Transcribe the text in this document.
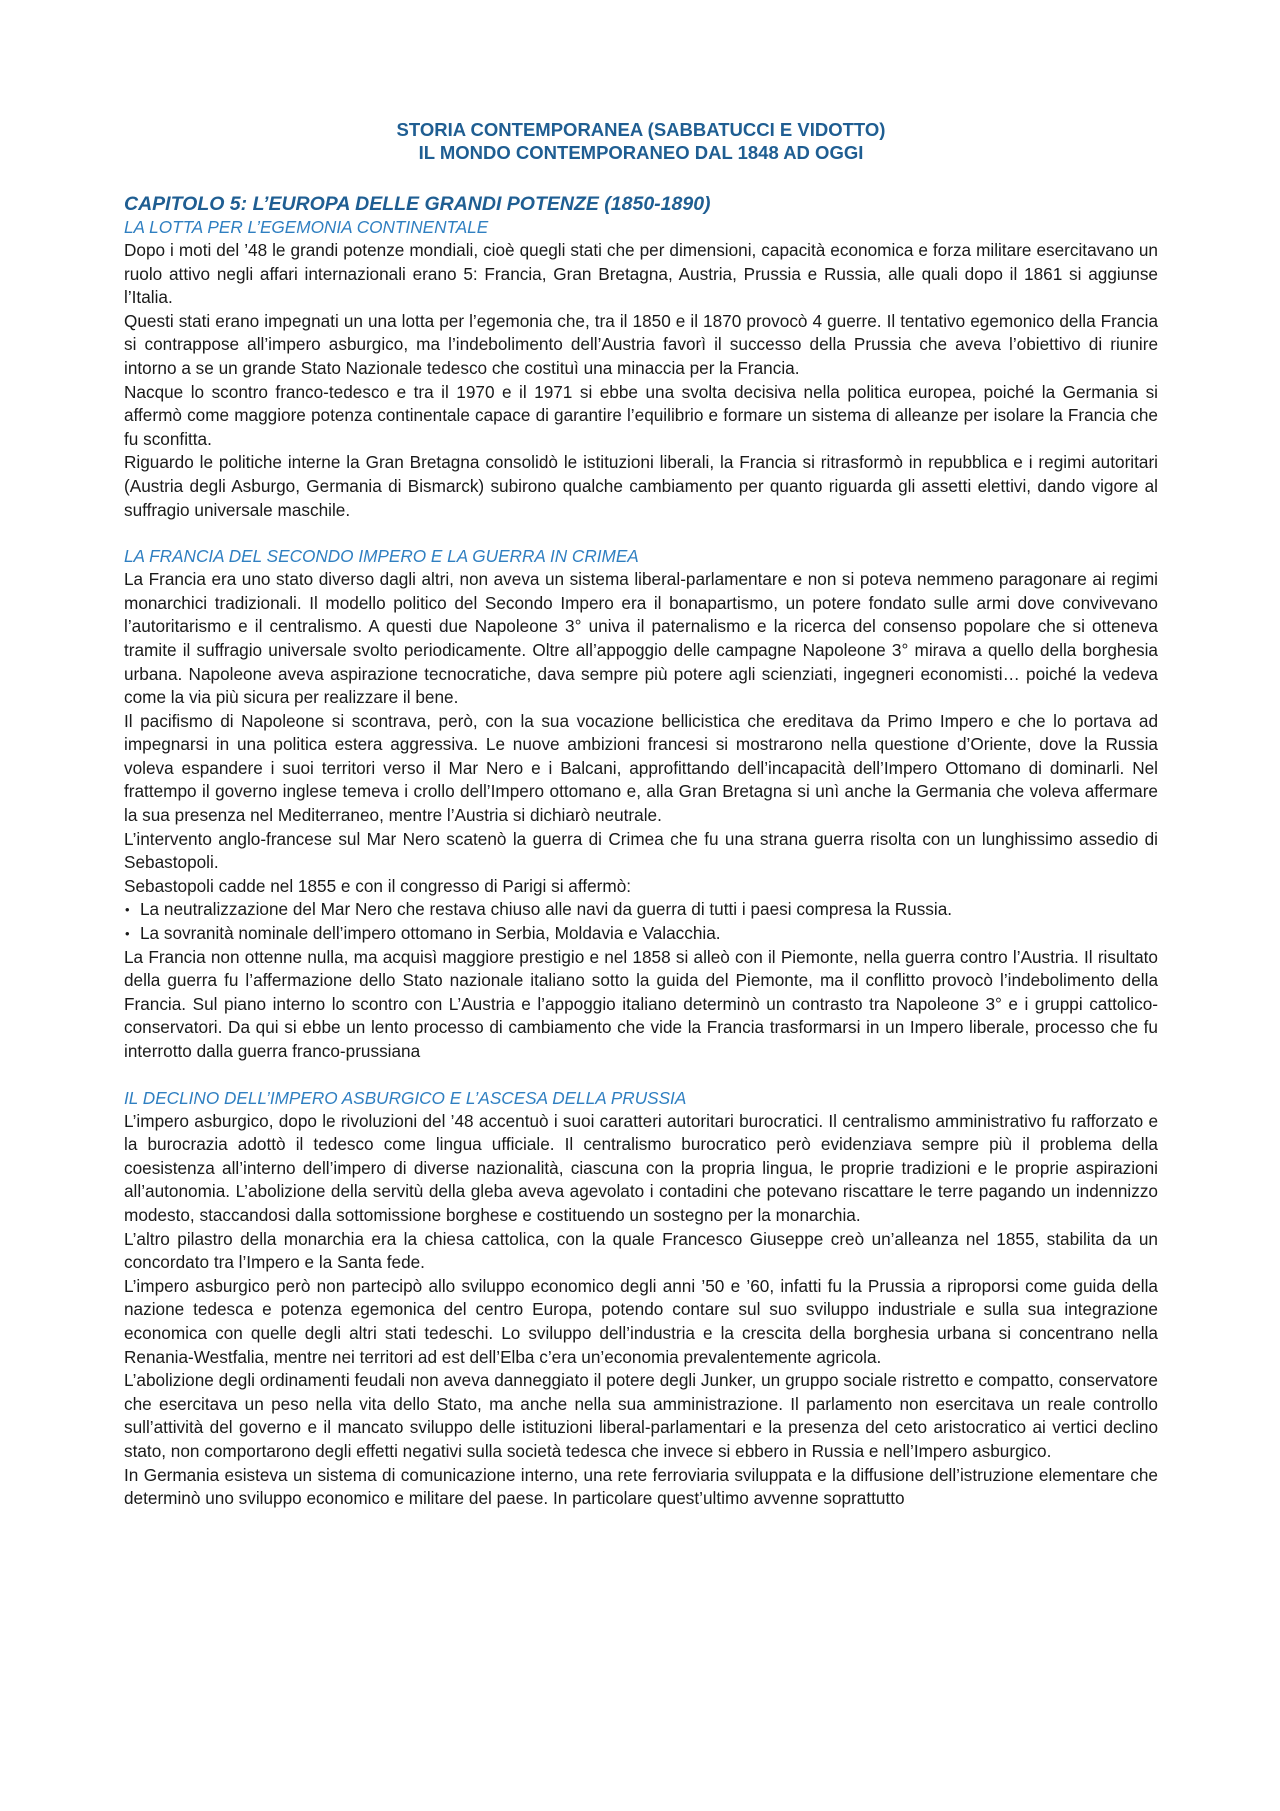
STORIA CONTEMPORANEA (SABBATUCCI E VIDOTTO)
IL MONDO CONTEMPORANEO DAL 1848 AD OGGI
CAPITOLO 5: L’EUROPA DELLE GRANDI POTENZE (1850-1890)
LA LOTTA PER L’EGEMONIA CONTINENTALE

Dopo i moti del ’48 le grandi potenze mondiali, cioè quegli stati che per dimensioni, capacità economica e forza militare esercitavano un ruolo attivo negli affari internazionali erano 5: Francia, Gran Bretagna, Austria, Prussia e Russia, alle quali dopo il 1861 si aggiunse l’Italia.

Questi stati erano impegnati un una lotta per l’egemonia che, tra il 1850 e il 1870 provocò 4 guerre. Il tentativo egemonico della Francia si contrappose all’impero asburgico, ma l’indebolimento dell’Austria favorì il successo della Prussia che aveva l’obiettivo di riunire intorno a se un grande Stato Nazionale tedesco che costituì una minaccia per la Francia.

Nacque lo scontro franco-tedesco e tra il 1970 e il 1971 si ebbe una svolta decisiva nella politica europea, poiché la Germania si affermò come maggiore potenza continentale capace di garantire l’equilibrio e formare un sistema di alleanze per isolare la Francia che fu sconfitta.

Riguardo le politiche interne la Gran Bretagna consolidò le istituzioni liberali, la Francia si ritrasformò in repubblica e i regimi autoritari (Austria degli Asburgo, Germania di Bismarck) subirono qualche cambiamento per quanto riguarda gli assetti elettivi, dando vigore al suffragio universale maschile.

LA FRANCIA DEL SECONDO IMPERO E LA GUERRA IN CRIMEA

La Francia era uno stato diverso dagli altri, non aveva un sistema liberal-parlamentare e non si poteva nemmeno paragonare ai regimi monarchici tradizionali. Il modello politico del Secondo Impero era il bonapartismo, un potere fondato sulle armi dove convivevano l’autoritarismo e il centralismo. A questi due Napoleone 3° univa il paternalismo e la ricerca del consenso popolare che si otteneva tramite il suffragio universale svolto periodicamente. Oltre all’appoggio delle campagne Napoleone 3° mirava a quello della borghesia urbana. Napoleone aveva aspirazione tecnocratiche, dava sempre più potere agli scienziati, ingegneri economisti… poiché la vedeva come la via più sicura per realizzare il bene.

Il pacifismo di Napoleone si scontrava, però, con la sua vocazione bellicistica che ereditava da Primo Impero e che lo portava ad impegnarsi in una politica estera aggressiva. Le nuove ambizioni francesi si mostrarono nella questione d’Oriente, dove la Russia voleva espandere i suoi territori verso il Mar Nero e i Balcani, approfittando dell’incapacità dell’Impero Ottomano di dominarli. Nel frattempo il governo inglese temeva i crollo dell’Impero ottomano e, alla Gran Bretagna si unì anche la Germania che voleva affermare la sua presenza nel Mediterraneo, mentre l’Austria si dichiarò neutrale.

L’intervento anglo-francese sul Mar Nero scatenò la guerra di Crimea che fu una strana guerra risolta con un lunghissimo assedio di Sebastopoli.

Sebastopoli cadde nel 1855 e con il congresso di Parigi si affermò:

• La neutralizzazione del Mar Nero che restava chiuso alle navi da guerra di tutti i paesi compresa la Russia.
• La sovranità nominale dell’impero ottomano in Serbia, Moldavia e Valacchia.

La Francia non ottenne nulla, ma acquisì maggiore prestigio e nel 1858 si alleò con il Piemonte, nella guerra contro l’Austria. Il risultato della guerra fu l’affermazione dello Stato nazionale italiano sotto la guida del Piemonte, ma il conflitto provocò l’indebolimento della Francia. Sul piano interno lo scontro con L’Austria e l’appoggio italiano determinò un contrasto tra Napoleone 3° e i gruppi cattolico-conservatori. Da qui si ebbe un lento processo di cambiamento che vide la Francia trasformarsi in un Impero liberale, processo che fu interrotto dalla guerra franco-prussiana

IL DECLINO DELL’IMPERO ASBURGICO E L’ASCESA DELLA PRUSSIA

L’impero asburgico, dopo le rivoluzioni del ’48 accentuò i suoi caratteri autoritari burocratici. Il centralismo amministrativo fu rafforzato e la burocrazia adottò il tedesco come lingua ufficiale. Il centralismo burocratico però evidenziava sempre più il problema della coesistenza all’interno dell’impero di diverse nazionalità, ciascuna con la propria lingua, le proprie tradizioni e le proprie aspirazioni all’autonomia. L’abolizione della servitù della gleba aveva agevolato i contadini che potevano riscattare le terre pagando un indennizzo modesto, staccandosi dalla sottomissione borghese e costituendo un sostegno per la monarchia.

L’altro pilastro della monarchia era la chiesa cattolica, con la quale Francesco Giuseppe creò un’alleanza nel 1855, stabilita da un concordato tra l’Impero e la Santa fede.

L’impero asburgico però non partecipò allo sviluppo economico degli anni ’50 e ’60, infatti fu la Prussia a riproporsi come guida della nazione tedesca e potenza egemonica del centro Europa, potendo contare sul suo sviluppo industriale e sulla sua integrazione economica con quelle degli altri stati tedeschi. Lo sviluppo dell’industria e la crescita della borghesia urbana si concentrano nella Renania-Westfalia, mentre nei territori ad est dell’Elba c’era un’economia prevalentemente agricola.

L’abolizione degli ordinamenti feudali non aveva danneggiato il potere degli Junker, un gruppo sociale ristretto e compatto, conservatore che esercitava un peso nella vita dello Stato, ma anche nella sua amministrazione. Il parlamento non esercitava un reale controllo sull’attività del governo e il mancato sviluppo delle istituzioni liberal-parlamentari e la presenza del ceto aristocratico ai vertici declino stato, non comportarono degli effetti negativi sulla società tedesca che invece si ebbero in Russia e nell’Impero asburgico.

In Germania esisteva un sistema di comunicazione interno, una rete ferroviaria sviluppata e la diffusione dell’istruzione elementare che determinò uno sviluppo economico e militare del paese. In particolare quest’ultimo avvenne soprattutto
